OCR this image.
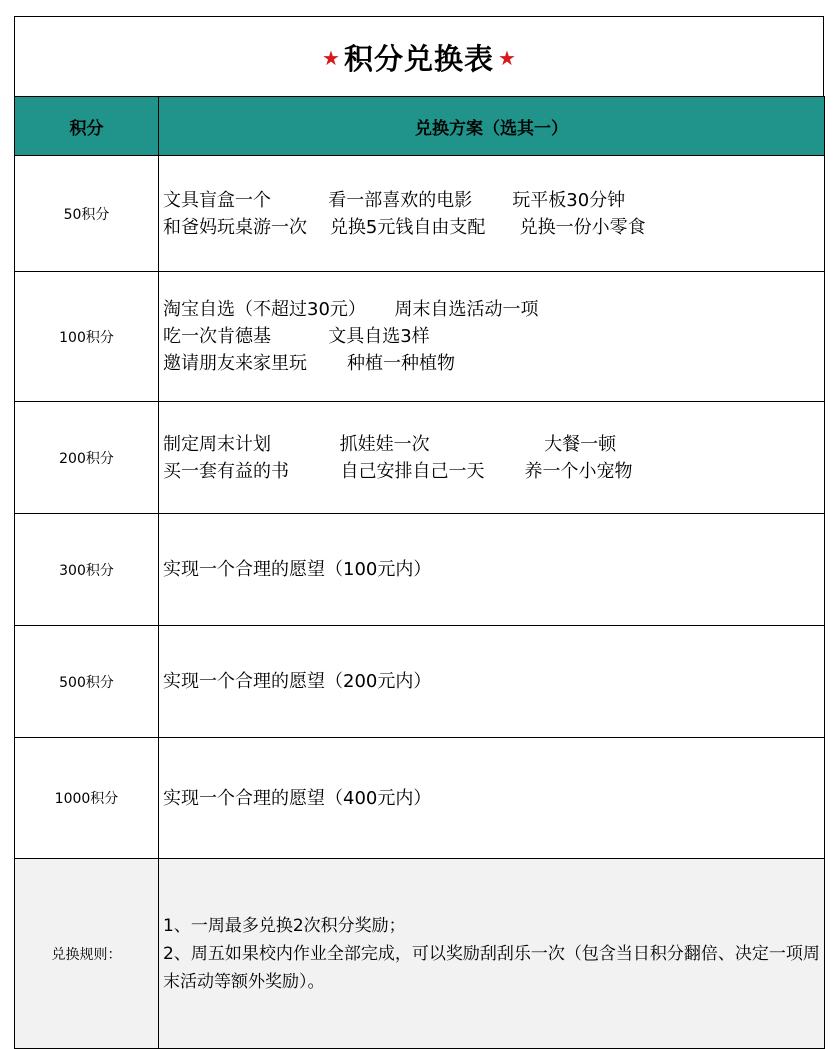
★ 积分兑换表 ★
积分	兑换方案（选其一）
50积分	文具盲盒一个          看一部喜欢的电影       玩平板30分钟
和爸妈玩桌游一次    兑换5元钱自由支配      兑换一份小零食

100积分	淘宝自选（不超过30元）     周末自选活动一项
吃一次肯德基          文具自选3样
邀请朋友来家里玩       种植一种植物

200积分	制定周末计划            抓娃娃一次                    大餐一顿
买一套有益的书         自己安排自己一天       养一个小宠物

300积分	实现一个合理的愿望（100元内）

500积分	实现一个合理的愿望（200元内）

1000积分	实现一个合理的愿望（400元内）

兑换规则：	1、一周最多兑换2次积分奖励；
2、周五如果校内作业全部完成，可以奖励刮刮乐一次（包含当日积分翻倍、决定一项周末活动等额外奖励）。
